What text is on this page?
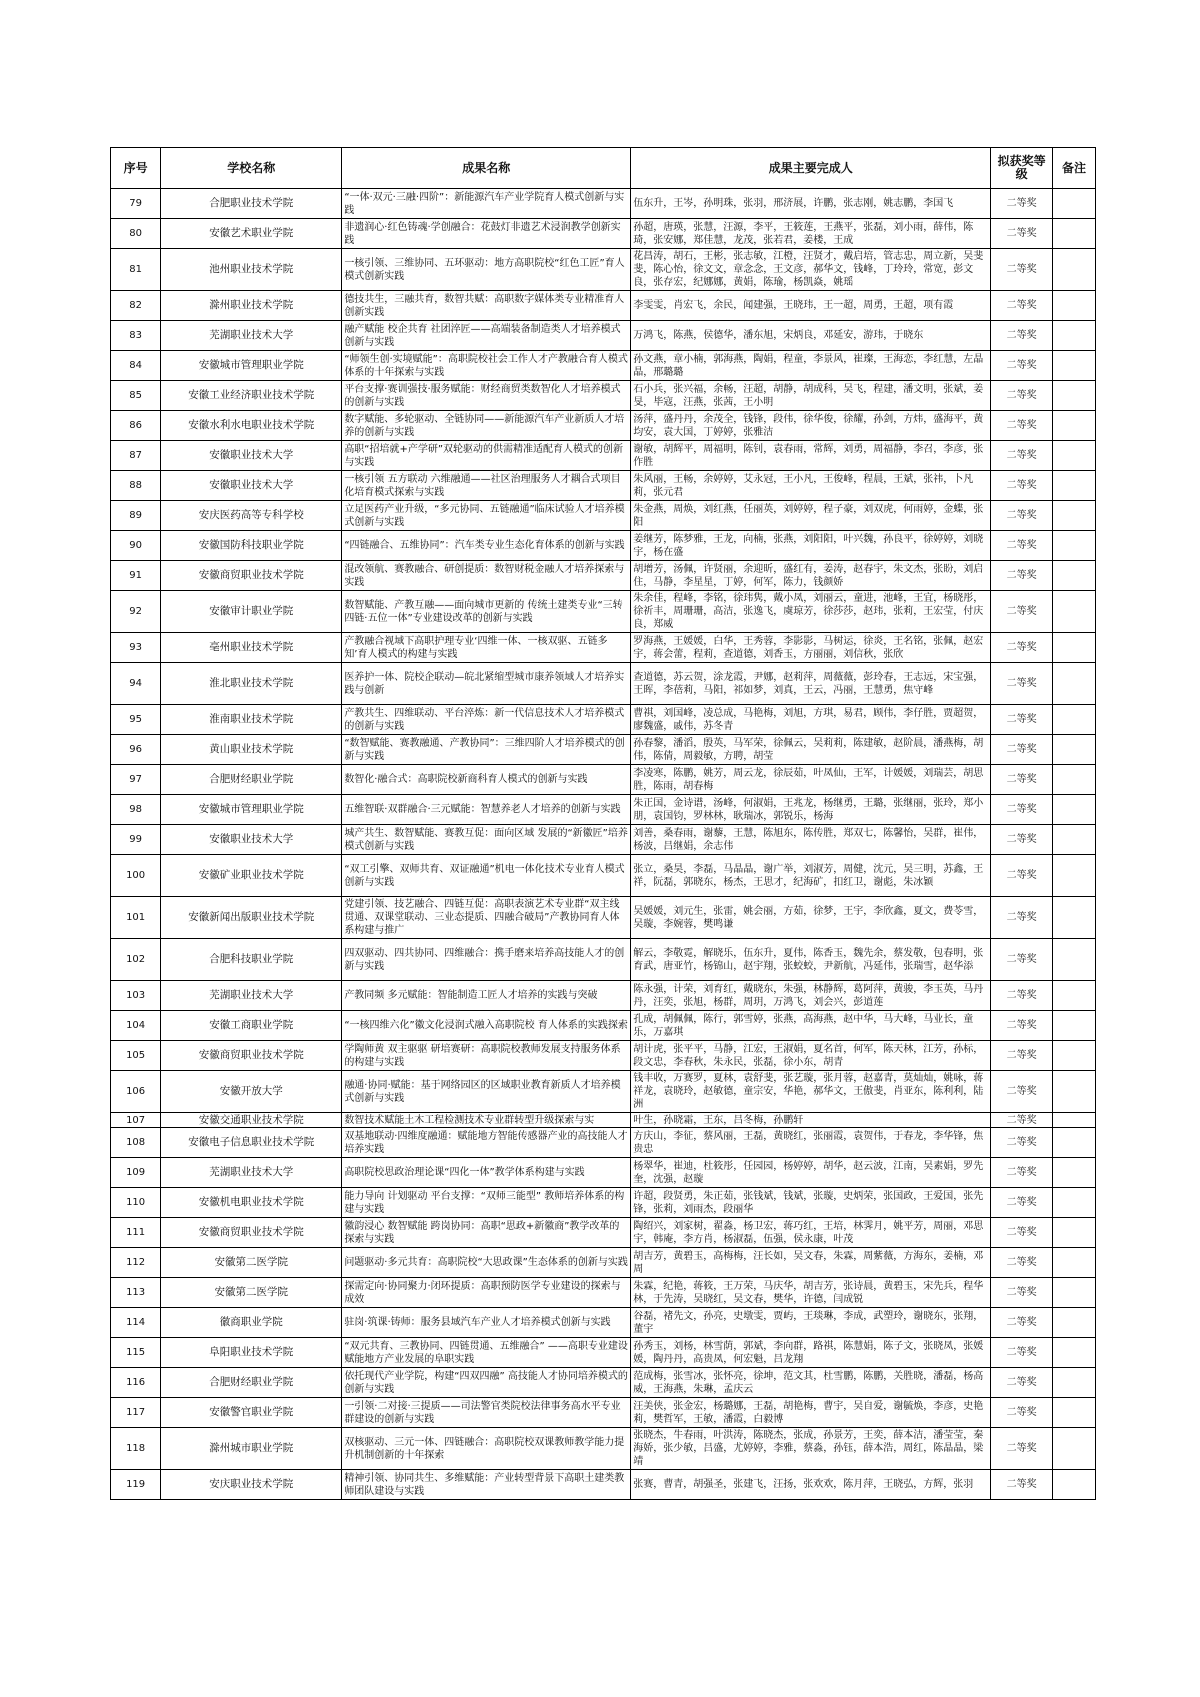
序号	学校名称	成果名称	成果主要完成人	拟获奖等级	备注
79	合肥职业技术学院	“一体·双元·三融·四阶”：新能源汽车产业学院育人模式创新与实践	伍东升，王岑，孙明珠，张羽，邢济展，许鹏，张志刚，姚志鹏，李国飞	二等奖	
80	安徽艺术职业学院	非遗润心·红色铸魂·学创融合：花鼓灯非遗艺术浸润教学创新实践	孙超，唐瑛，张慧，汪源，李平，王筱莲，王燕平，张磊，刘小雨，薛伟，陈琦，张安娜，郑佳慧，龙茂，张若君，姜楼，王成	二等奖	
81	池州职业技术学院	一核引领、三维协同、五环驱动：地方高职院校“红色工匠”育人模式创新实践	花昌涛，胡石，王彬，张志敏，江橙，汪贤才，戴启培，管志忠，周立新，吴斐斐，陈心怡，徐文文，章念念，王文彦，郝华文，钱峰，丁玲玲，常宽，彭文良，张存宏，纪娜娜，黄娟，陈瑜，杨凯焱，姚瑶	二等奖	
82	滁州职业技术学院	德技共生，三融共育，数智共赋：高职数字媒体类专业精准育人创新实践	李雯雯，肖宏飞，余民，闻建强，王晓玮，王一超，周勇，王超，项有霞	二等奖	
83	芜湖职业技术大学	融产赋能 校企共育 社团淬匠——高端装备制造类人才培养模式创新与实践	万鸿飞，陈燕，侯德华，潘东旭，宋炳良，邓延安，游玮，于晓东	二等奖	
84	安徽城市管理职业学院	“师领生创·实境赋能”：高职院校社会工作人才产教融合育人模式体系的十年探索与实践	孙文燕，章小楠，郭海燕，陶娟，程童，李景风，崔璨，王海恋，李红慧，左晶晶，邢璐璐	二等奖	
85	安徽工业经济职业技术学院	平台支撑·赛训强技·服务赋能：财经商贸类数智化人才培养模式的创新与实践	石小兵，张兴福，余畅，汪超，胡静，胡成科，吴飞，程建，潘文明，张斌，姜旻，毕寇，汪燕，张茜，王小明	二等奖	
86	安徽水利水电职业技术学院	数字赋能、多轮驱动、全链协同——新能源汽车产业新质人才培养的创新与实践	汤萍，盛丹丹，余茂全，钱锋，段伟，徐华俊，徐耀，孙剑，方炜，盛海平，黄均安，袁大国，丁婷婷，张雅洁	二等奖	
87	安徽职业技术大学	高职“招培就+产学研”双轮驱动的供需精准适配育人模式的创新与实践	谢敏，胡辉平，周福明，陈钊，袁春雨，常辉，刘勇，周福静，李召，李彦，张作胜	二等奖	
88	安徽职业技术大学	一核引领 五方联动 六维融通——社区治理服务人才耦合式项目化培育模式探索与实践	朱风丽，王畅，余婷婷，艾永冠，王小凡，王俊峰，程晨，王斌，张祎，卜凡莉，张元君	二等奖	
89	安庆医药高等专科学校	立足医药产业升级，“多元协同、五链融通”临床试验人才培养模式创新与实践	朱金燕，周焕，刘红燕，任丽英，刘婷婷，程子豪，刘双虎，何雨婷，金蝶，张阳	二等奖	
90	安徽国防科技职业学院	“四链融合、五维协同”：汽车类专业生态化育体系的创新与实践	姜继芳，陈梦雅，王龙，向楠，张燕，刘阳阳，叶兴魏，孙良平，徐婷婷，刘晓宇，杨在盛	二等奖	
91	安徽商贸职业技术学院	混改领航、赛教融合、研创提质：数智财税金融人才培养探索与实践	胡增芳，汤佩，许贤丽，余迎昕，盛红有，姜涛，赵春宇，朱文杰，张盼，刘启住，马静，李星星，丁婷，何军，陈力，钱颜娇	二等奖	
92	安徽审计职业学院	数智赋能、产教互融——面向城市更新的 传统土建类专业“三转四链·五位一体”专业建设改革的创新与实践	朱余佳，程峰，李铭，徐玮隽，戴小凤，刘丽云，童进，池峰，王宜，杨晓彤，徐祈丰，周珊珊，高洁，张逸飞，虞琼芳，徐莎莎，赵玮，张莉，王宏莹，付庆良，郑威	二等奖	
93	亳州职业技术学院	产教融合视域下高职护理专业‘四维一体、一核双驱、五链多知’育人模式的构建与实践	罗海燕，王媛媛，白华，王秀蓉，李影影，马树运，徐炎，王名铭，张佩，赵宏宇，蒋会蕾，程莉，查道德，刘香玉，方丽丽，刘信秋，张欣	二等奖	
94	淮北职业技术学院	医养护一体、院校企联动—皖北紧缩型城市康养领域人才培养实践与创新	查道德，苏云贺，涂龙霞，尹娜，赵莉萍，周薇薇，彭玲春，王志远，宋宝强，王晖，李蓓莉，马阳，祁如梦，刘真，王云，冯丽，王慧勇，焦守峰	二等奖	
95	淮南职业技术学院	产教共生、四维联动、平台淬炼：新一代信息技术人才培养模式的创新与实践	曹祺，刘国峰，凌总成，马艳梅，刘旭，方琪，易君，顾伟，李仔胜，贾超贺，廖魏盛，戚伟，苏冬青	二等奖	
96	黄山职业技术学院	“数智赋能、赛教融通、产教协同”：三维四阶人才培养模式的创新与实践	孙春黎，潘滔，殷英，马军荣，徐佩云，吴莉莉，陈建敏，赵阶晨，潘燕梅，胡伟，陈倩，周毅敏，方聘，胡莹	二等奖	
97	合肥财经职业学院	数智化·融合式：高职院校新商科育人模式的创新与实践	李凌寒，陈鹏，姚芳，周云龙，徐辰茹，叶凤仙，王军，计媛媛，刘瑞芸，胡思胜，陈雨，胡春梅	二等奖	
98	安徽城市管理职业学院	五维智联·双群融合·三元赋能：智慧养老人才培养的创新与实践	朱正国，金诗谱，汤峰，何淑娟，王兆龙，杨继勇，王璐，张继丽，张玲，郑小朋，袁国钧，罗林林，耿瑞冰，郭锐乐，杨海	二等奖	
99	安徽职业技术大学	城产共生、数智赋能、赛教互促：面向区域 发展的“新徽匠”培养模式创新与实践	刘善，桑春雨，谢藜，王慧，陈旭东，陈传胜，郑双七，陈馨怡，吴群，崔伟，杨波，吕继娟，余志伟	二等奖	
100	安徽矿业职业技术学院	“双工引擎、双师共育、双证融通”机电一体化技术专业育人模式创新与实践	张立，桑昊，李磊，马晶晶，谢广举，刘淑芳，周健，沈元，吴三明，苏鑫，王祥，阮磊，郭晓东，杨杰，王思才，纪海矿，扣红卫，谢彪，朱冰颖	二等奖	
101	安徽新闻出版职业技术学院	党建引领、技艺融合、四链互促：高职表演艺术专业群“双主线贯通、双课堂联动、三业态提质、四融合破局”产教协同育人体系构建与推广	吴媛媛，刘元生，张雷，姚会丽，方茹，徐梦，王宇，李欣鑫，夏文，费苓雪，吴璇，李婉蓉，樊鸣谦	二等奖	
102	合肥科技职业学院	四双驱动、四共协同、四维融合：携手磨来培养高技能人才的创新与实践	解云，李敬霓，解晓乐，伍东升，夏伟，陈香玉，魏先余，蔡发敬，包春明，张育武，唐亚竹，杨锦山，赵宇翔，张蛟蛟，尹新航，冯延伟，张瑞雪，赵华添	二等奖	
103	芜湖职业技术大学	产教同频 多元赋能：智能制造工匠人才培养的实践与突破	陈永强，计荣，刘育红，戴晓东，朱强，林静辉，葛阿萍，黄骏，李玉英，马丹丹，汪奕，张旭，杨群，周玥，万鸿飞，刘会兴，彭道莲	二等奖	
104	安徽工商职业学院	“一核四维六化”徽文化浸润式融入高职院校 育人体系的实践探索	孔成，胡佩佩，陈行，郭雪婷，张燕，高海燕，赵中华，马大峰，马业长，童乐，万嘉琪	二等奖	
105	安徽商贸职业技术学院	学陶师黄 双主驱驱 研培赛研：高职院校教师发展支持服务体系的构建与实践	胡计虎，张平平，马静，江宏，王淑娟，夏名首，何军，陈天林，江芳，孙标，段文忠，李春秋，朱永民，张磊，徐小东，胡青	二等奖	
106	安徽开放大学	融通·协同·赋能：基于网络园区的区域职业教育新质人才培养模式创新与实践	钱丰收，万赛罗，夏林，袁舒斐，张艺璇，张月蓉，赵嘉青，莫灿灿，姚咏，蒋祥龙，袁晓玲，赵敏德，童宗安，华艳，郝华文，王傲斐，肖亚东，陈利利，陆洲	二等奖	
107	安徽交通职业技术学院	数智技术赋能土木工程检测技术专业群转型升级探索与实	叶生，孙晓霜，王东，吕冬梅，孙鹏轩	二等奖	
108	安徽电子信息职业技术学院	双基地联动·四维度融通：赋能地方智能传感器产业的高技能人才培养实践	方庆山，李征，蔡风丽，王磊，黄晓红，张丽霞，袁贺伟，于春龙，李华锋，焦贵忠	二等奖	
109	芜湖职业技术大学	高职院校思政治理论课“四化一体”教学体系构建与实践	杨翠华，崔迪，杜筱彤，任园园，杨婷婷，胡华，赵云波，江南，吴素娟，罗先奎，沈强，赵璇	二等奖	
110	安徽机电职业技术学院	能力导向 计划驱动 平台支撑：“双师三能型” 教师培养体系的构建与实践	许超，段贤勇，朱正茹，张钱斌，钱斌，张璇，史炳荣，张国政，王爱国，张先锋，张莉，刘雨杰，段丽华	二等奖	
111	安徽商贸职业技术学院	徽韵浸心 数智赋能 跨岗协同：高职“思政+新徽商”教学改革的探索与实践	陶绍兴，刘家树，翟淼，杨卫宏，蒋巧红，王培，林霁月，姚平芳，周丽，邓思宇，韩庵，李方肖，杨淑磊，伍强，侯永康，叶茂	二等奖	
112	安徽第二医学院	问题驱动·多元共育：高职院校“大思政课”生态体系的创新与实践	胡吉芳，黄碧玉，高梅梅，汪长如，吴文春，朱霖，周紫薇，方海东，姜楠，邓周	二等奖	
113	安徽第二医学院	探需定向·协同聚力·闭环提质：高职预防医学专业建设的探索与成效	朱霖，纪艳，蒋筱，王万荣，马庆华，胡吉芳，张诗晨，黄碧玉，宋先兵，程华林，于先涛，吴晓红，吴文春，樊华，许德，闫成锐	二等奖	
114	徽商职业学院	驻岗·筑课·铸师：服务县域汽车产业人才培养模式创新与实践	谷磊，褚先文，孙亮，史墩雯，贾屿，王琰琳，李成，武塑玲，谢晓东，张翔，董宇	二等奖	
115	阜阳职业技术学院	“双元共育、三教协同、四链贯通、五维融合” ——高职专业建设赋能地方产业发展的阜职实践	孙秀玉，刘杨，林雪荫，郭斌，李向群，路祺，陈慧娟，陈子文，张晓凤，张媛媛，陶丹丹，高贵凤，何宏魁，吕龙翔	二等奖	
116	合肥财经职业学院	依托现代产业学院，构建“四双四融” 高技能人才协同培养模式的创新与实践	范成梅，张雪冰，张怀亮，徐坤，范文其，杜雪鹏，陈鹏，关胜晓，潘磊，杨高威，王海燕，朱琳，孟庆云	二等奖	
117	安徽警官职业学院	一引领·二对接·三提质——司法警官类院校法律事务高水平专业群建设的创新与实践	汪美侠，张金宏，杨璐娜，王磊，胡艳梅，曹宇，吴自爱，谢毓焕，李彦，史艳莉，樊哲军，王敏，潘霞，白毅博	二等奖	
118	滁州城市职业学院	双核驱动、三元一体、四链融合：高职院校双课教师教学能力提升机制创新的十年探索	张晓杰，牛春雨，叶洪涛，陈晓杰，张成，孙景芳，王奕，薛本洁，潘莹莹，秦海娇，张少敏，吕盛，尤婷婷，李雅，蔡淼，孙钰，薛本浩，周红，陈晶晶，梁靖	二等奖	
119	安庆职业技术学院	精神引领、协同共生、多维赋能：产业转型背景下高职土建类教师团队建设与实践	张赛，曹青，胡强圣，张建飞，汪扬，张欢欢，陈月萍，王晓弘，方辉，张羽	二等奖	
